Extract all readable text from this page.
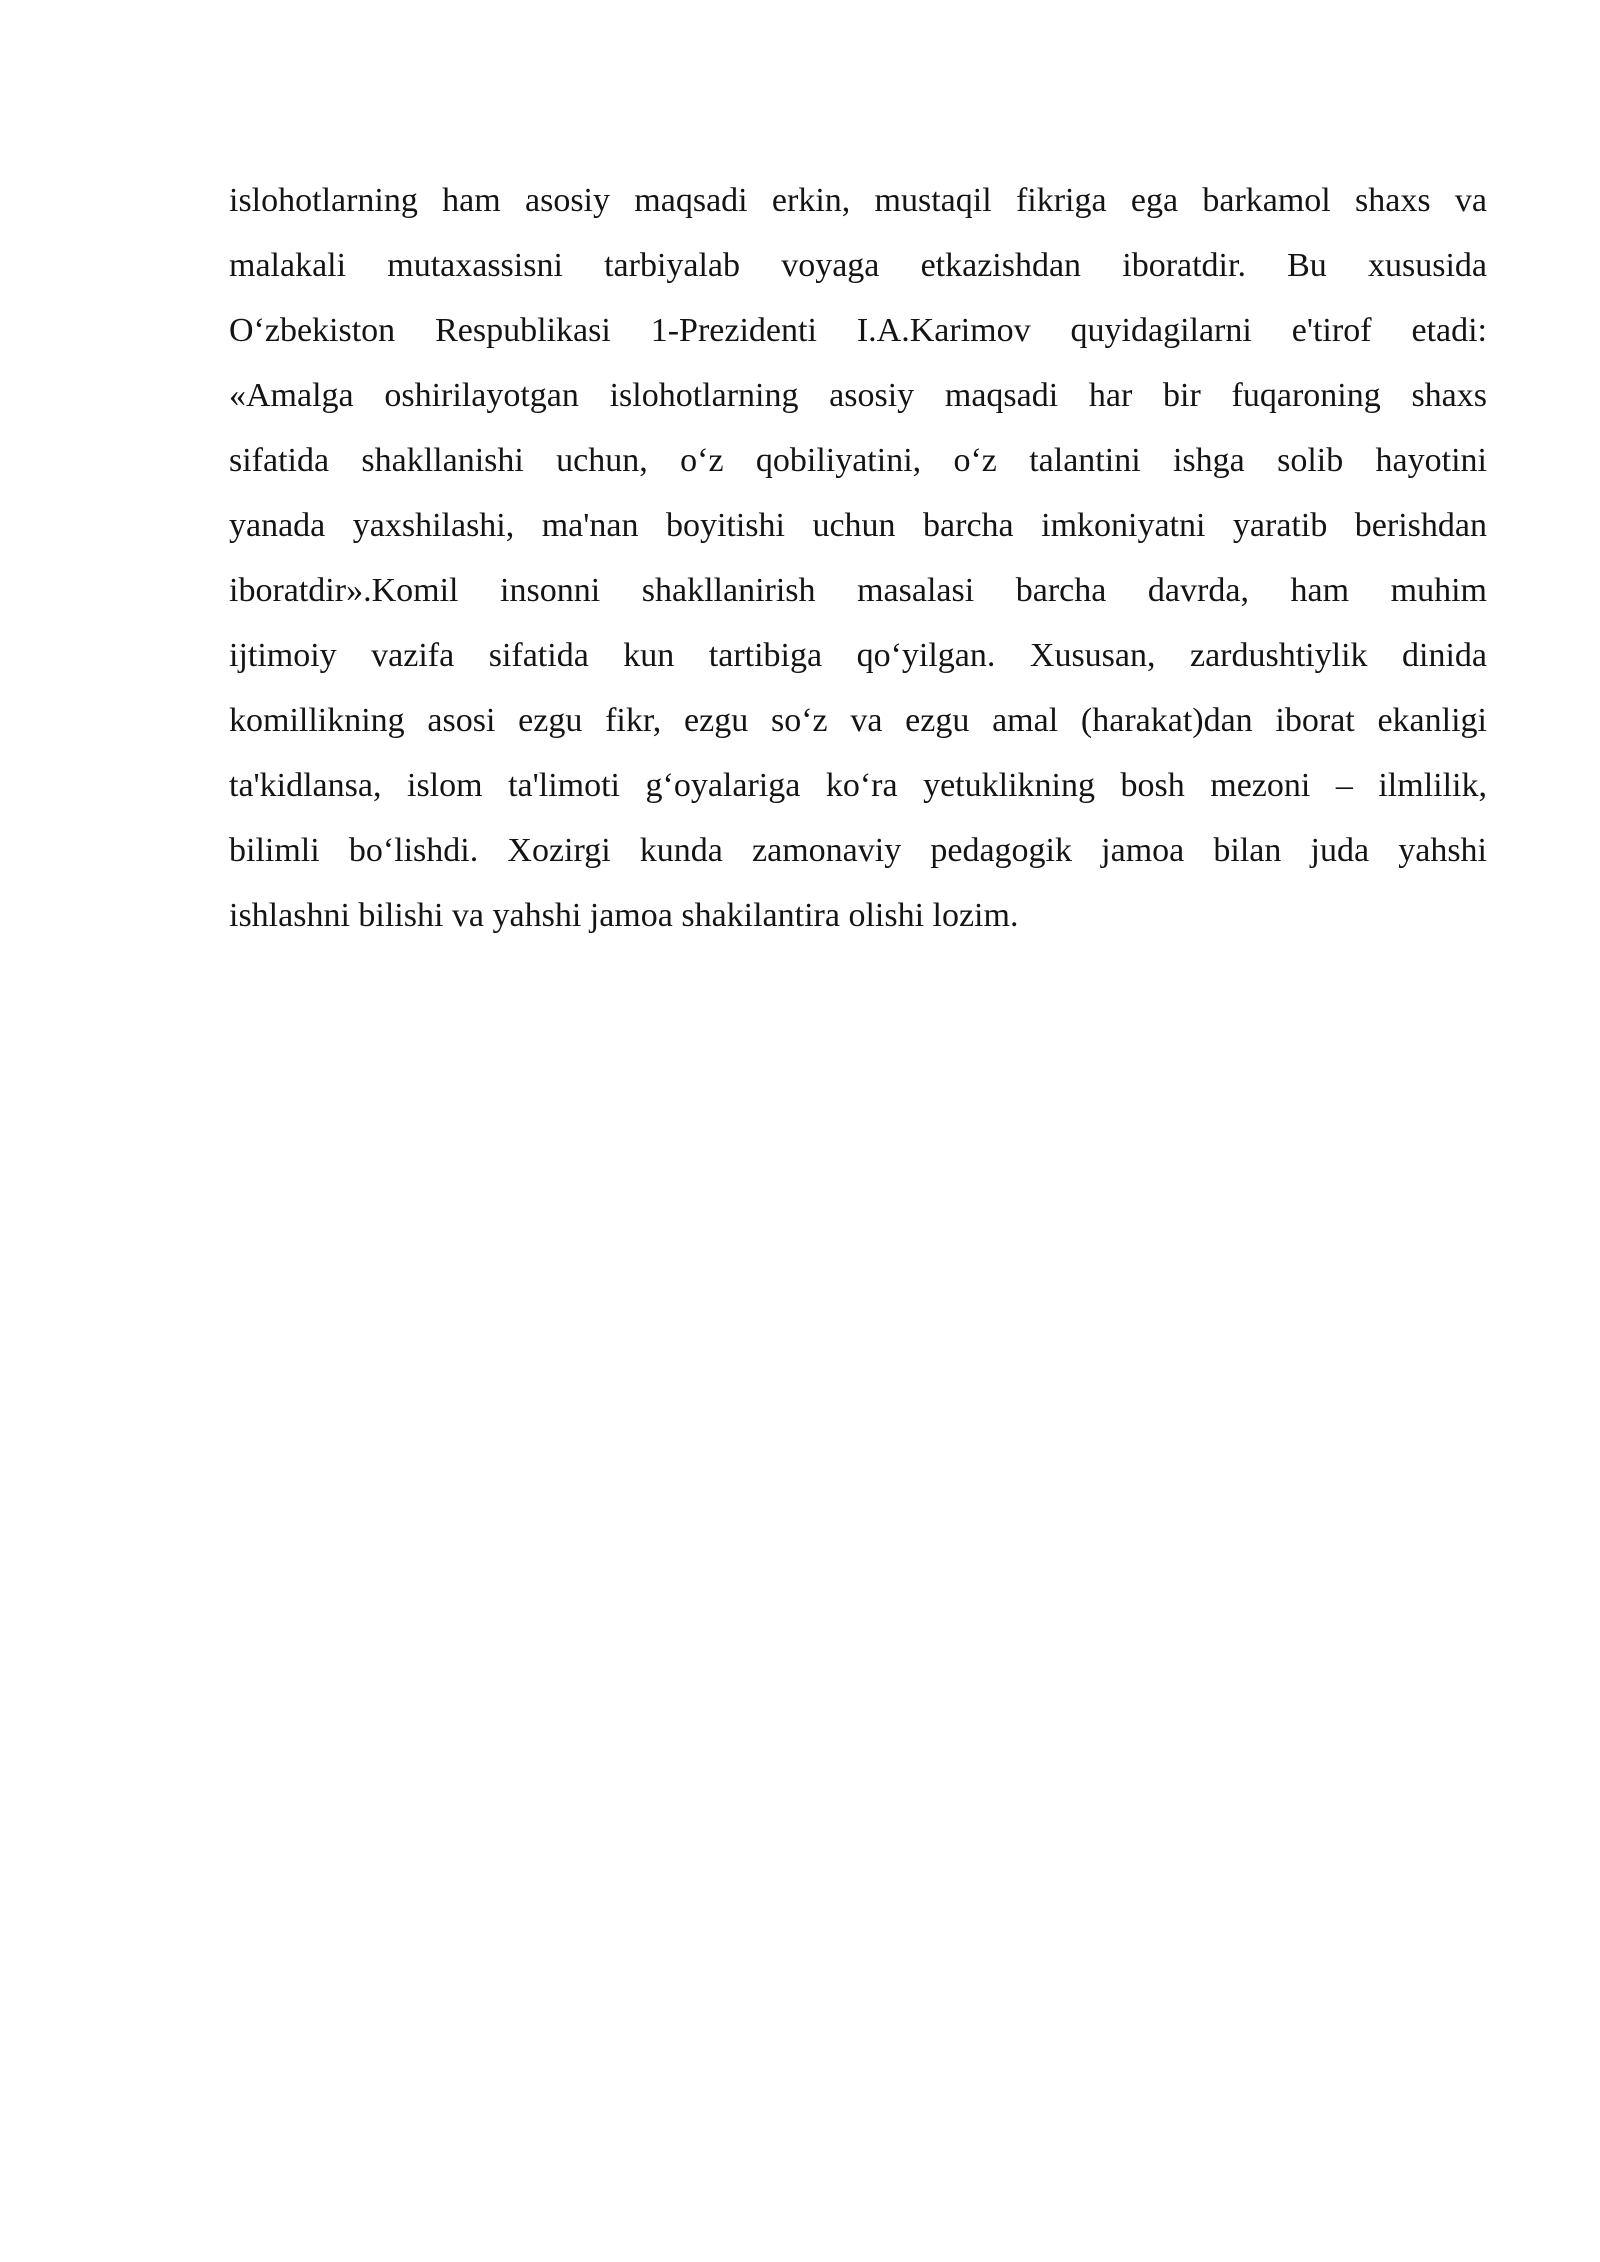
islohotlarning ham asosiy maqsadi erkin, mustaqil fikriga ega barkamol shaxs va
malakali mutaxassisni tarbiyalab voyaga etkazishdan iboratdir. Bu xususida
O‘zbekiston Respublikasi 1-Prezidenti I.A.Karimov quyidagilarni e'tirof etadi:
«Amalga oshirilayotgan islohotlarning asosiy maqsadi har bir fuqaroning shaxs
sifatida shakllanishi uchun, o‘z qobiliyatini, o‘z talantini ishga solib hayotini
yanada yaxshilashi, ma'nan boyitishi uchun barcha imkoniyatni yaratib berishdan
iboratdir».Komil insonni shakllanirish masalasi barcha davrda, ham muhim
ijtimoiy vazifa sifatida kun tartibiga qo‘yilgan. Xususan, zardushtiylik dinida
komillikning asosi ezgu fikr, ezgu so‘z va ezgu amal (harakat)dan iborat ekanligi
ta'kidlansa, islom ta'limoti g‘oyalariga ko‘ra yetuklikning bosh mezoni – ilmlilik,
bilimli bo‘lishdi. Xozirgi kunda zamonaviy pedagogik jamoa bilan juda yahshi
ishlashni bilishi va yahshi jamoa shakilantira olishi lozim.
